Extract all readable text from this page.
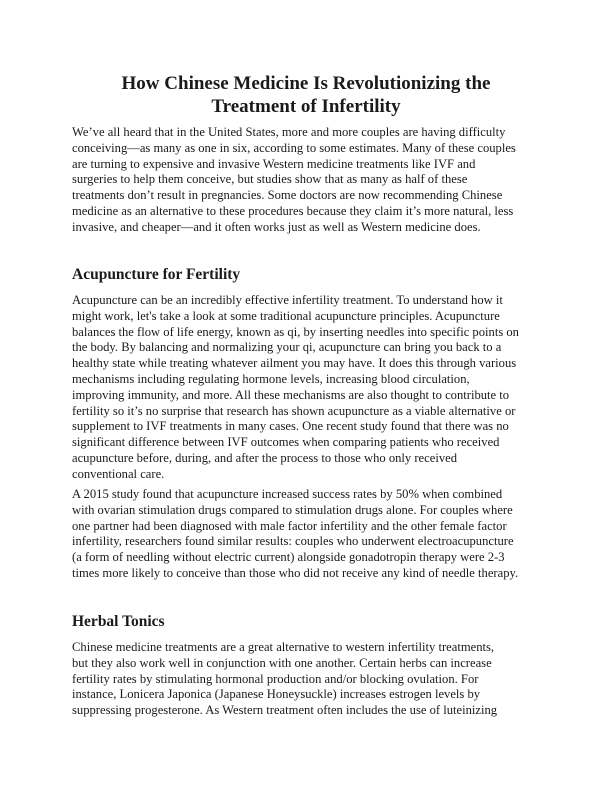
How Chinese Medicine Is Revolutionizing the
Treatment of Infertility
We’ve all heard that in the United States, more and more couples are having difficulty
conceiving—as many as one in six, according to some estimates. Many of these couples
are turning to expensive and invasive Western medicine treatments like IVF and
surgeries to help them conceive, but studies show that as many as half of these
treatments don’t result in pregnancies. Some doctors are now recommending Chinese
medicine as an alternative to these procedures because they claim it’s more natural, less
invasive, and cheaper—and it often works just as well as Western medicine does.
Acupuncture for Fertility
Acupuncture can be an incredibly effective infertility treatment. To understand how it
might work, let's take a look at some traditional acupuncture principles. Acupuncture
balances the flow of life energy, known as qi, by inserting needles into specific points on
the body. By balancing and normalizing your qi, acupuncture can bring you back to a
healthy state while treating whatever ailment you may have. It does this through various
mechanisms including regulating hormone levels, increasing blood circulation,
improving immunity, and more. All these mechanisms are also thought to contribute to
fertility so it’s no surprise that research has shown acupuncture as a viable alternative or
supplement to IVF treatments in many cases. One recent study found that there was no
significant difference between IVF outcomes when comparing patients who received
acupuncture before, during, and after the process to those who only received
conventional care.
A 2015 study found that acupuncture increased success rates by 50% when combined
with ovarian stimulation drugs compared to stimulation drugs alone. For couples where
one partner had been diagnosed with male factor infertility and the other female factor
infertility, researchers found similar results: couples who underwent electroacupuncture
(a form of needling without electric current) alongside gonadotropin therapy were 2-3
times more likely to conceive than those who did not receive any kind of needle therapy.
Herbal Tonics
Chinese medicine treatments are a great alternative to western infertility treatments,
but they also work well in conjunction with one another. Certain herbs can increase
fertility rates by stimulating hormonal production and/or blocking ovulation. For
instance, Lonicera Japonica (Japanese Honeysuckle) increases estrogen levels by
suppressing progesterone. As Western treatment often includes the use of luteinizing
